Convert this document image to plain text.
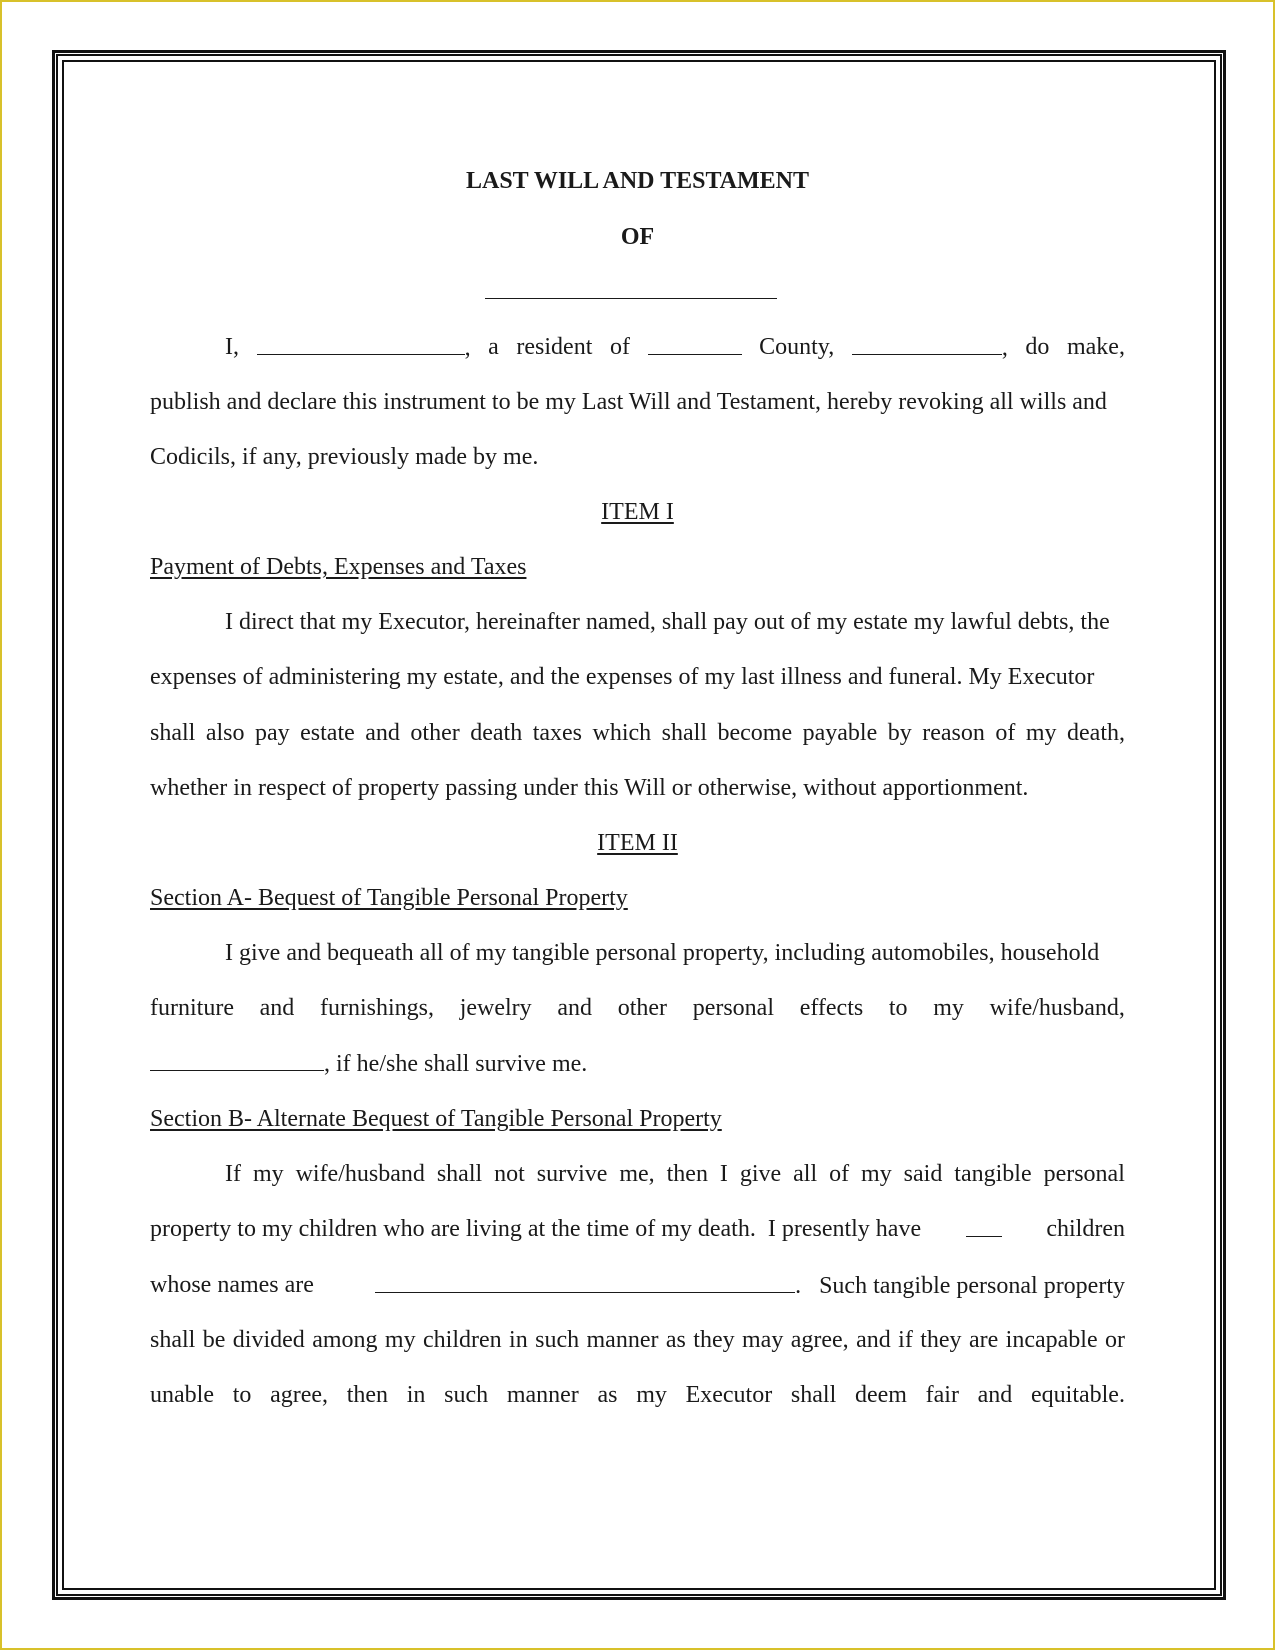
LAST WILL AND TESTAMENT
OF
I,	, a resident of	County,	, do make,
publish and declare this instrument to be my Last Will and Testament, hereby revoking all wills and
Codicils, if any, previously made by me.
ITEM I
Payment of Debts, Expenses and Taxes
I direct that my Executor, hereinafter named, shall pay out of my estate my lawful debts, the
expenses of administering my estate, and the expenses of my last illness and funeral. My Executor
shall also pay estate and other death taxes which shall become payable by reason of my death,
whether in respect of property passing under this Will or otherwise, without apportionment.
ITEM II
Section A- Bequest of Tangible Personal Property
I give and bequeath all of my tangible personal property, including automobiles, household
furniture and furnishings, jewelry and other personal effects to my wife/husband,
, if he/she shall survive me.
Section B- Alternate Bequest of Tangible Personal Property
If my wife/husband shall not survive me, then I give all of my said tangible personal
property to my children who are living at the time of my death.  I presently have	children
whose names are	.   Such tangible personal property
shall be divided among my children in such manner as they may agree, and if they are incapable or
unable to agree, then in such manner as my Executor shall deem fair and equitable.
